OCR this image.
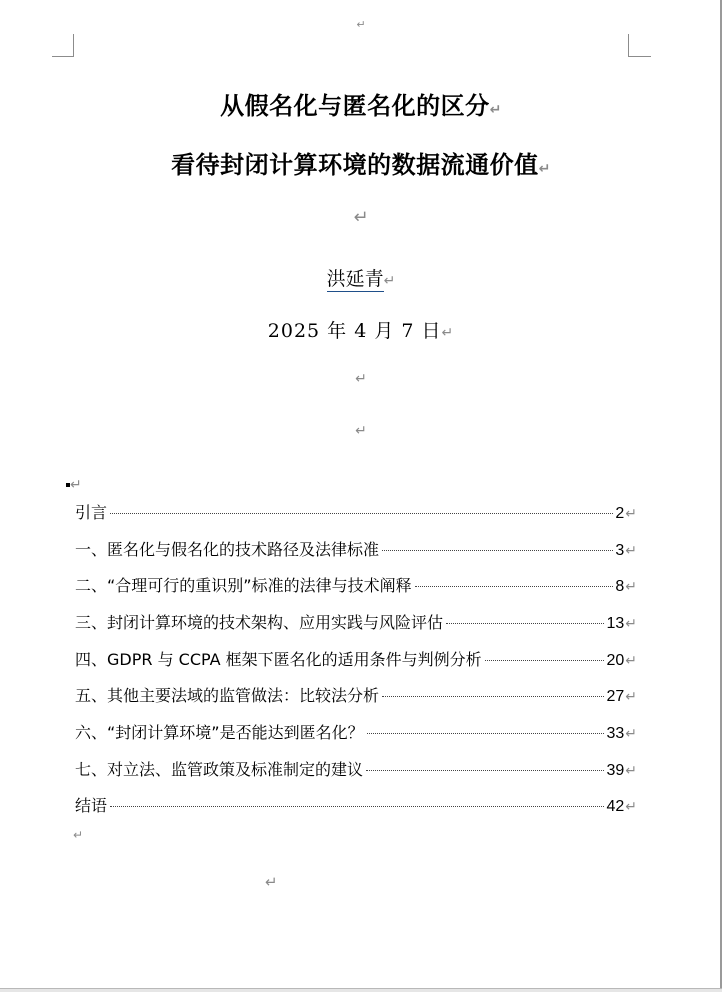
↵
从假名化与匿名化的区分↵
看待封闭计算环境的数据流通价值↵
↵
洪延青↵
2025 年 4 月 7 日↵
↵
↵
↵
引言	2 ↵
一、匿名化与假名化的技术路径及法律标准	3 ↵
二、“合理可行的重识别”标准的法律与技术阐释	8 ↵
三、封闭计算环境的技术架构、应用实践与风险评估	13 ↵
四、GDPR 与 CCPA 框架下匿名化的适用条件与判例分析	20 ↵
五、其他主要法域的监管做法：比较法分析	27 ↵
六、“封闭计算环境”是否能达到匿名化？	33 ↵
七、对立法、监管政策及标准制定的建议	39 ↵
结语	42 ↵
↵
↵
